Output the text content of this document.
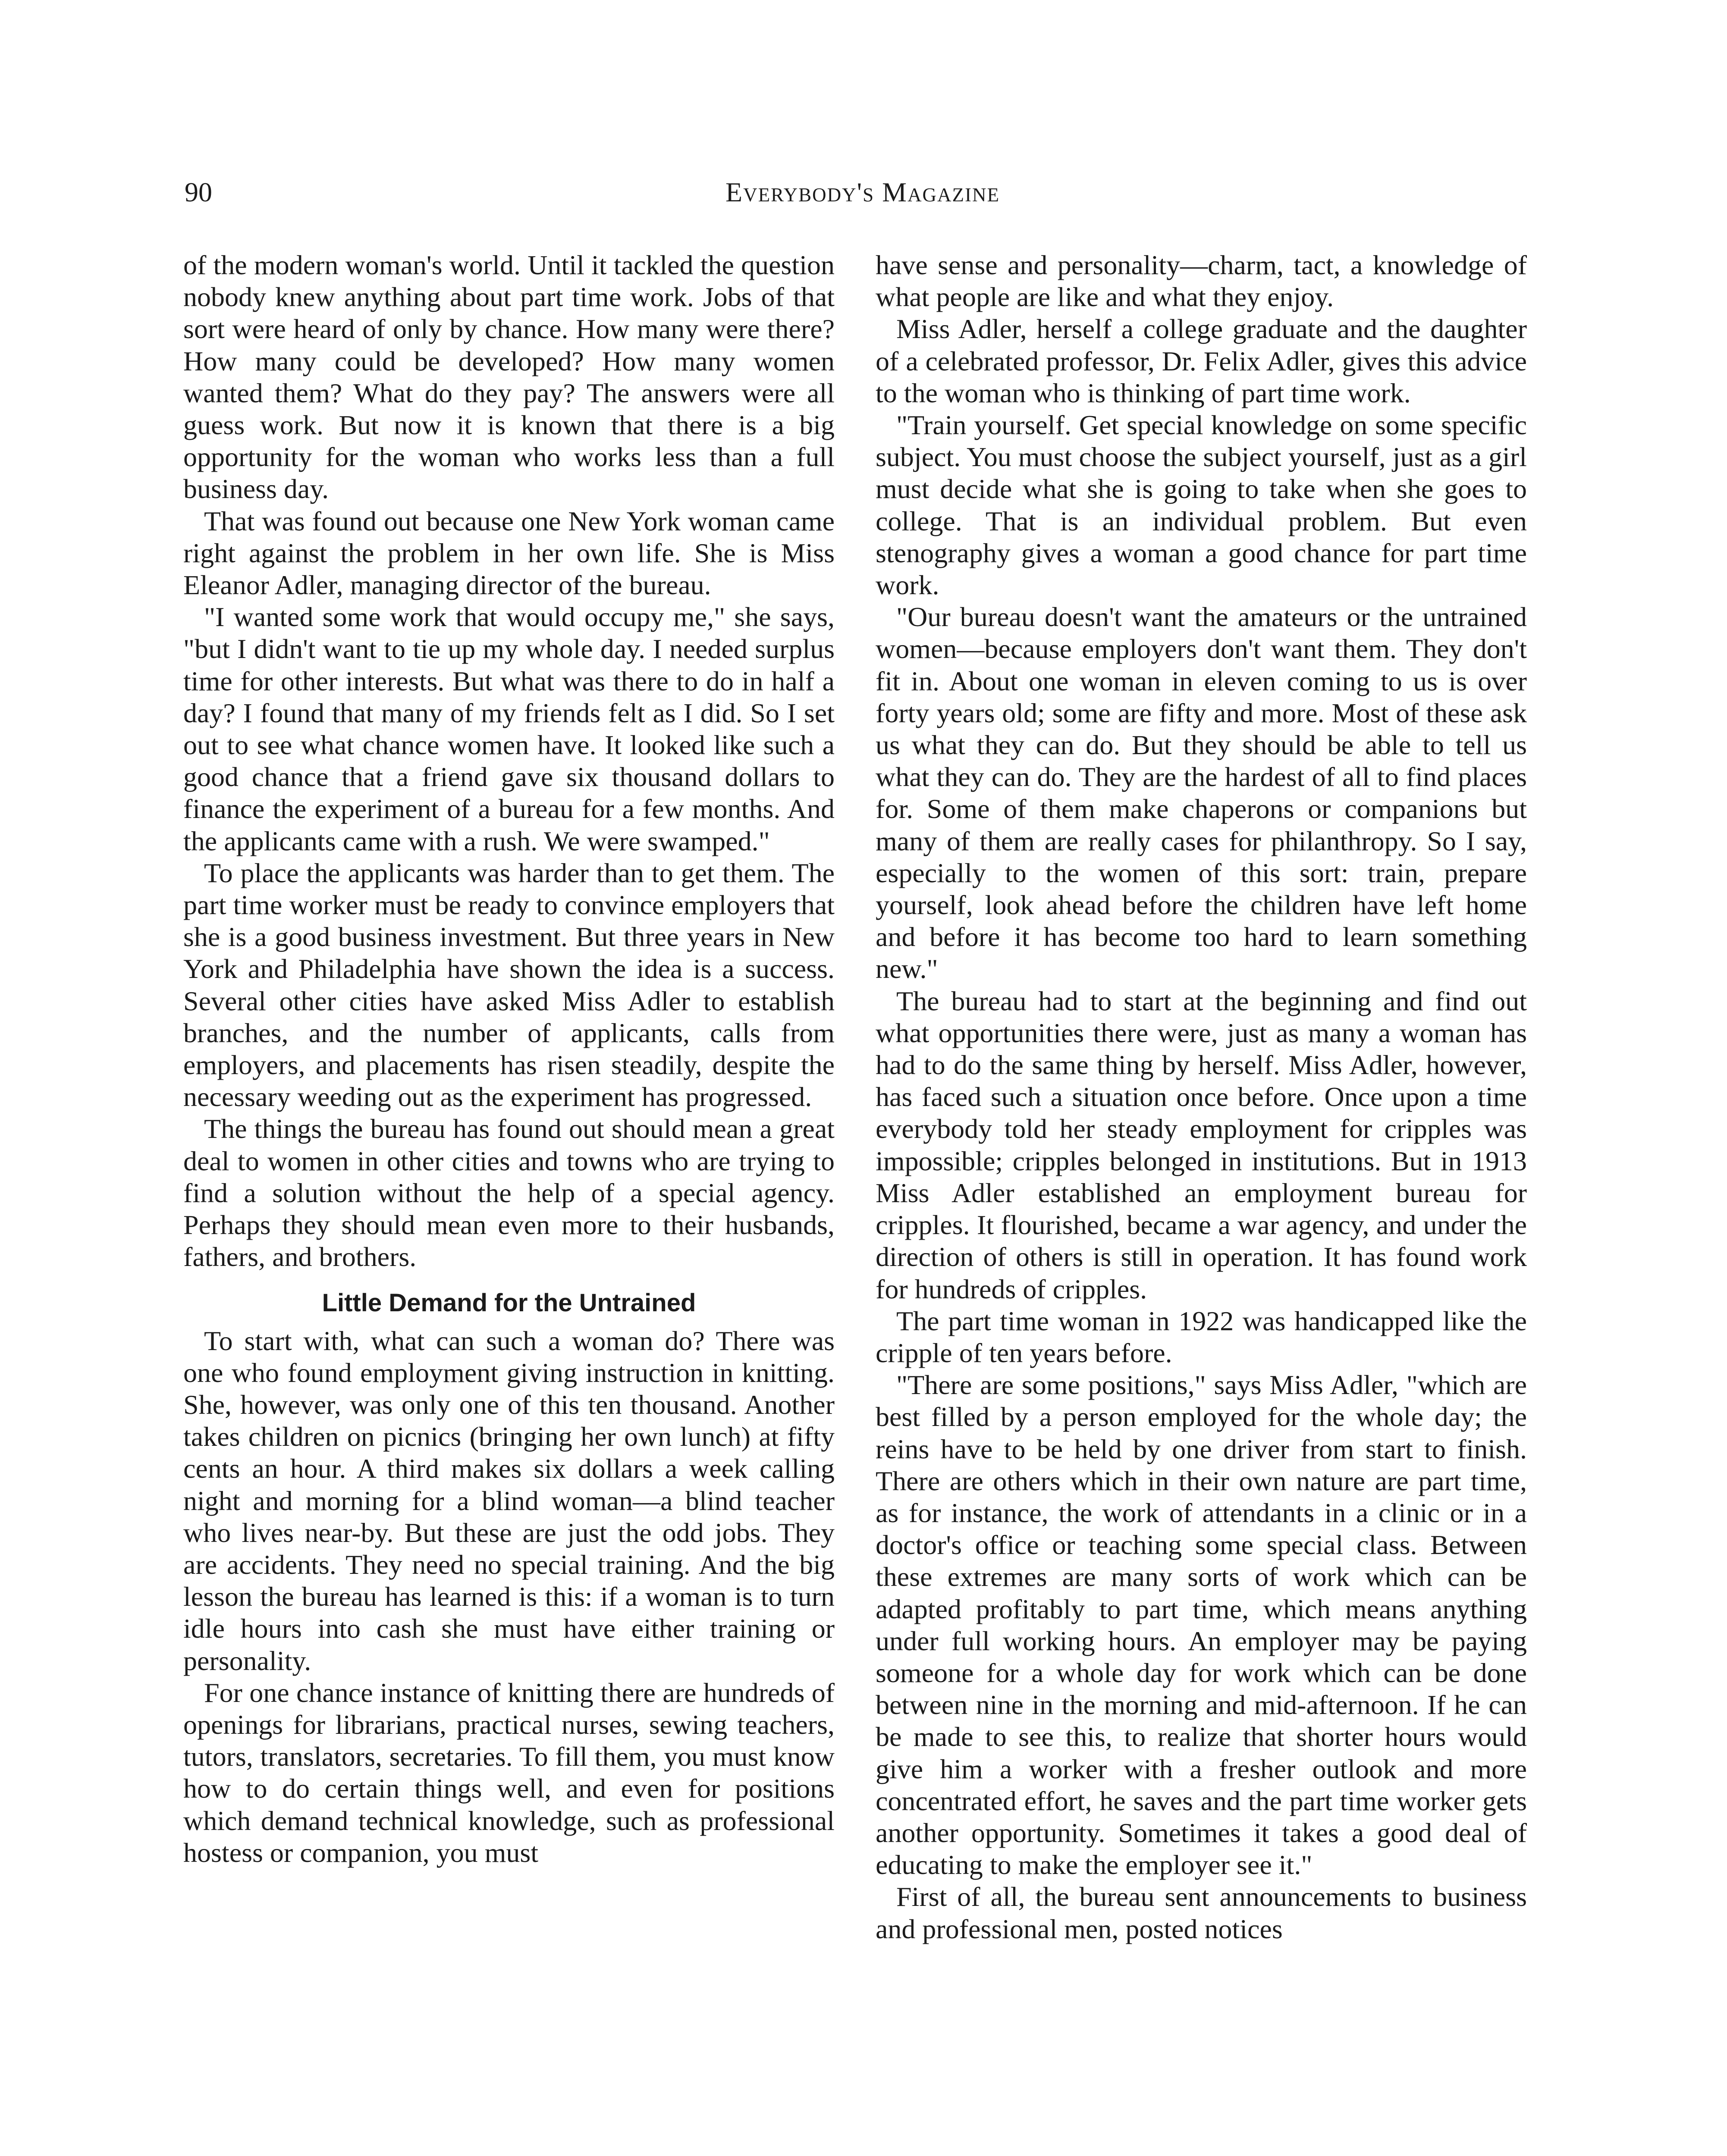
90	Everybody's Magazine

of the modern woman's world. Until it tackled the question nobody knew anything about part time work. Jobs of that sort were heard of only by chance. How many were there? How many could be developed? How many women wanted them? What do they pay? The answers were all guess work. But now it is known that there is a big opportunity for the woman who works less than a full business day.

That was found out because one New York woman came right against the problem in her own life. She is Miss Eleanor Adler, managing director of the bureau.

"I wanted some work that would occupy me," she says, "but I didn't want to tie up my whole day. I needed surplus time for other interests. But what was there to do in half a day? I found that many of my friends felt as I did. So I set out to see what chance women have. It looked like such a good chance that a friend gave six thousand dollars to finance the experiment of a bureau for a few months. And the applicants came with a rush. We were swamped."

To place the applicants was harder than to get them. The part time worker must be ready to convince employers that she is a good business investment. But three years in New York and Philadelphia have shown the idea is a success. Several other cities have asked Miss Adler to establish branches, and the number of applicants, calls from employers, and placements has risen steadily, despite the necessary weeding out as the experiment has progressed.

The things the bureau has found out should mean a great deal to women in other cities and towns who are trying to find a solution without the help of a special agency. Perhaps they should mean even more to their husbands, fathers, and brothers.

Little Demand for the Untrained

To start with, what can such a woman do? There was one who found employment giving instruction in knitting. She, however, was only one of this ten thousand. Another takes children on picnics (bringing her own lunch) at fifty cents an hour. A third makes six dollars a week calling night and morning for a blind woman—a blind teacher who lives near-by. But these are just the odd jobs. They are accidents. They need no special training. And the big lesson the bureau has learned is this: if a woman is to turn idle hours into cash she must have either training or personality.

For one chance instance of knitting there are hundreds of openings for librarians, practical nurses, sewing teachers, tutors, translators, secretaries. To fill them, you must know how to do certain things well, and even for positions which demand technical knowledge, such as professional hostess or companion, you must

have sense and personality—charm, tact, a knowledge of what people are like and what they enjoy.

Miss Adler, herself a college graduate and the daughter of a celebrated professor, Dr. Felix Adler, gives this advice to the woman who is thinking of part time work.

"Train yourself. Get special knowledge on some specific subject. You must choose the subject yourself, just as a girl must decide what she is going to take when she goes to college. That is an individual problem. But even stenography gives a woman a good chance for part time work.

"Our bureau doesn't want the amateurs or the untrained women—because employers don't want them. They don't fit in. About one woman in eleven coming to us is over forty years old; some are fifty and more. Most of these ask us what they can do. But they should be able to tell us what they can do. They are the hardest of all to find places for. Some of them make chaperons or companions but many of them are really cases for philanthropy. So I say, especially to the women of this sort: train, prepare yourself, look ahead before the children have left home and before it has become too hard to learn something new."

The bureau had to start at the beginning and find out what opportunities there were, just as many a woman has had to do the same thing by herself. Miss Adler, however, has faced such a situation once before. Once upon a time everybody told her steady employment for cripples was impossible; cripples belonged in institutions. But in 1913 Miss Adler established an employment bureau for cripples. It flourished, became a war agency, and under the direction of others is still in operation. It has found work for hundreds of cripples.

The part time woman in 1922 was handicapped like the cripple of ten years before.

"There are some positions," says Miss Adler, "which are best filled by a person employed for the whole day; the reins have to be held by one driver from start to finish. There are others which in their own nature are part time, as for instance, the work of attendants in a clinic or in a doctor's office or teaching some special class. Between these extremes are many sorts of work which can be adapted profitably to part time, which means anything under full working hours. An employer may be paying someone for a whole day for work which can be done between nine in the morning and mid-afternoon. If he can be made to see this, to realize that shorter hours would give him a worker with a fresher outlook and more concentrated effort, he saves and the part time worker gets another opportunity. Sometimes it takes a good deal of educating to make the employer see it."

First of all, the bureau sent announcements to business and professional men, posted notices
